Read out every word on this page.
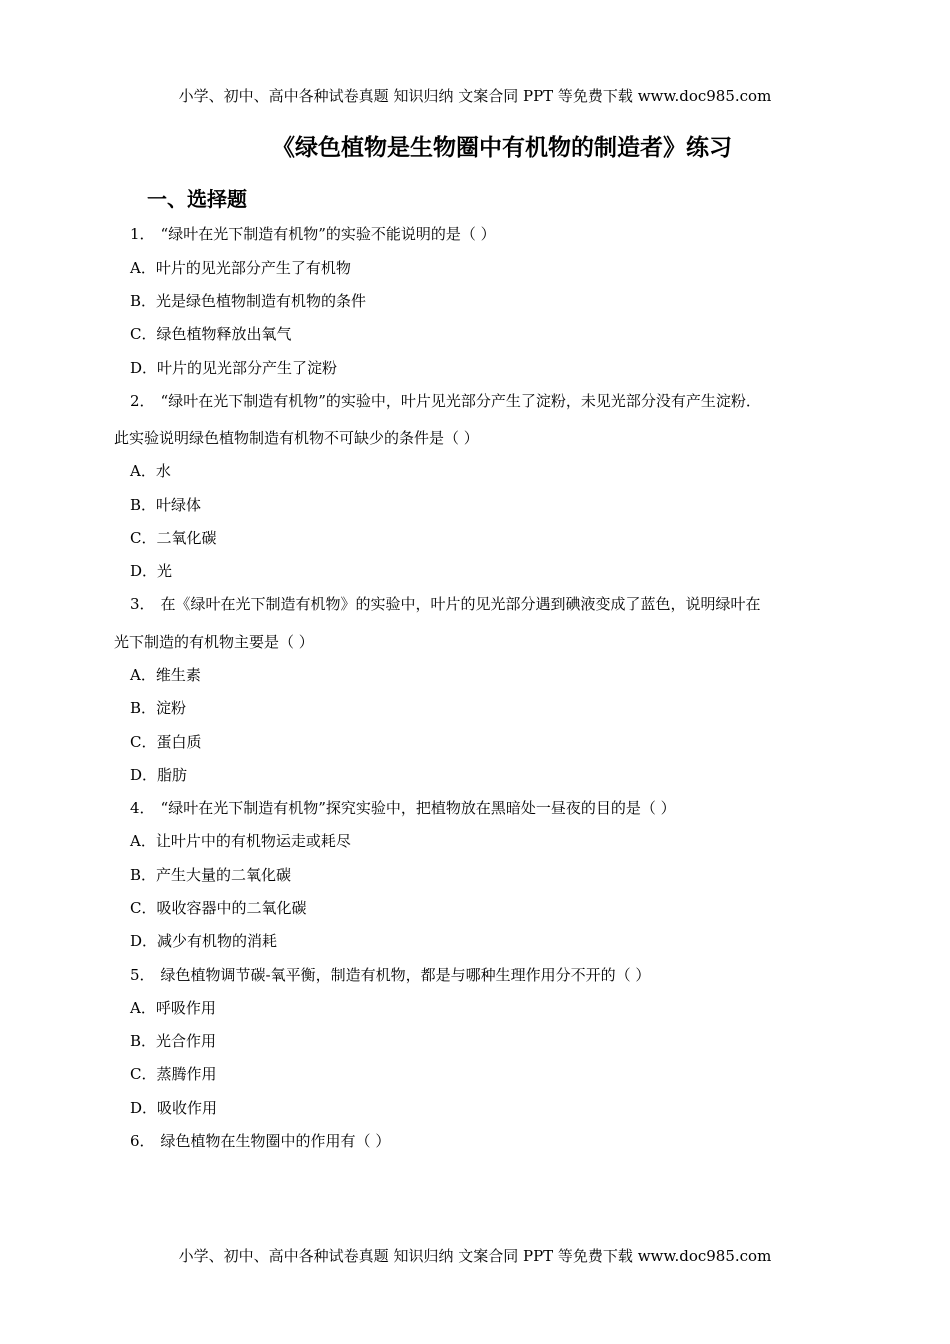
小学、初中、高中各种试卷真题 知识归纳 文案合同 PPT 等免费下载 www.doc985.com
《绿色植物是生物圈中有机物的制造者》练习
一、选择题
1． “绿叶在光下制造有机物”的实验不能说明的是（ ）
A．叶片的见光部分产生了有机物
B．光是绿色植物制造有机物的条件
C．绿色植物释放出氧气
D．叶片的见光部分产生了淀粉
2． “绿叶在光下制造有机物”的实验中，叶片见光部分产生了淀粉，未见光部分没有产生淀粉．
此实验说明绿色植物制造有机物不可缺少的条件是（ ）
A．水
B．叶绿体
C．二氧化碳
D．光
3． 在《绿叶在光下制造有机物》的实验中，叶片的见光部分遇到碘液变成了蓝色，说明绿叶在
光下制造的有机物主要是（ ）
A．维生素
B．淀粉
C．蛋白质
D．脂肪
4． “绿叶在光下制造有机物”探究实验中，把植物放在黑暗处一昼夜的目的是（ ）
A．让叶片中的有机物运走或耗尽
B．产生大量的二氧化碳
C．吸收容器中的二氧化碳
D．减少有机物的消耗
5． 绿色植物调节碳-氧平衡，制造有机物，都是与哪种生理作用分不开的（ ）
A．呼吸作用
B．光合作用
C．蒸腾作用
D．吸收作用
6． 绿色植物在生物圈中的作用有（ ）
小学、初中、高中各种试卷真题 知识归纳 文案合同 PPT 等免费下载 www.doc985.com
